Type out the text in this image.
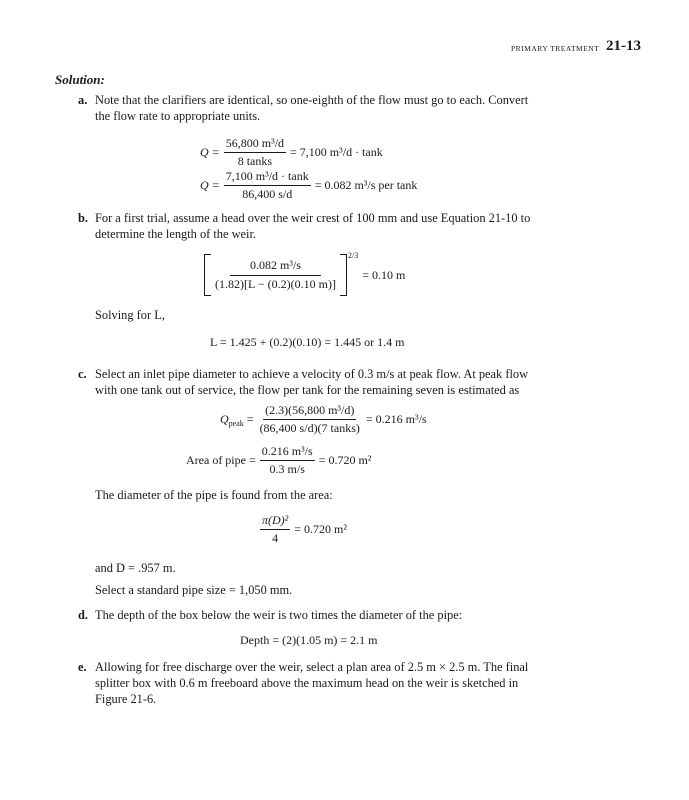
PRIMARY TREATMENT 21-13
Solution:
a. Note that the clarifiers are identical, so one-eighth of the flow must go to each. Convert
the flow rate to appropriate units.
$Q = \frac{\text{56,800 m³/d}}{\text{8 tanks}} = 7,100$ m³/d · tank
$Q = \frac{\text{7,100 m³/d · tank}}{86,400 s/d} = 0.082$ m³/s per tank
b. For a first trial, assume a head over the weir crest of 100 mm and use Equation 21-10 to
determine the length of the weir.
$\frac{\text{0.082 m³/s}}{(1.82)[L - (0.2)(0.10 m)]}$
2/3
= 0.10 m
Solving for L,
L = 1.425 + (0.2)(0.10) = 1.445 or 1.4 m
c. Select an inlet pipe diameter to achieve a velocity of 0.3 m/s at peak flow. At peak flow
with one tank out of service, the flow per tank for the remaining seven is estimated as
$Q_{peak} = \frac{\text{(2.3)(56,800 m³/d)}}{\text{(86,400 s/d)(7 tanks)}} = 0.216$ m³/s
Area of pipe = $\frac{\text{0.216 m³/s}}{0.3 m/s} = 0.720$ m²
The diameter of the pipe is found from the area:
$\frac{\text{π(D)²}}{4} = 0.720$ m²
and D = .957 m.
Select a standard pipe size = 1,050 mm.
d. The depth of the box below the weir is two times the diameter of the pipe:
Depth = (2)(1.05 m) = 2.1 m
e. Allowing for free discharge over the weir, select a plan area of 2.5 m × 2.5 m. The final
splitter box with 0.6 m freeboard above the maximum head on the weir is sketched in
Figure 21-6.
